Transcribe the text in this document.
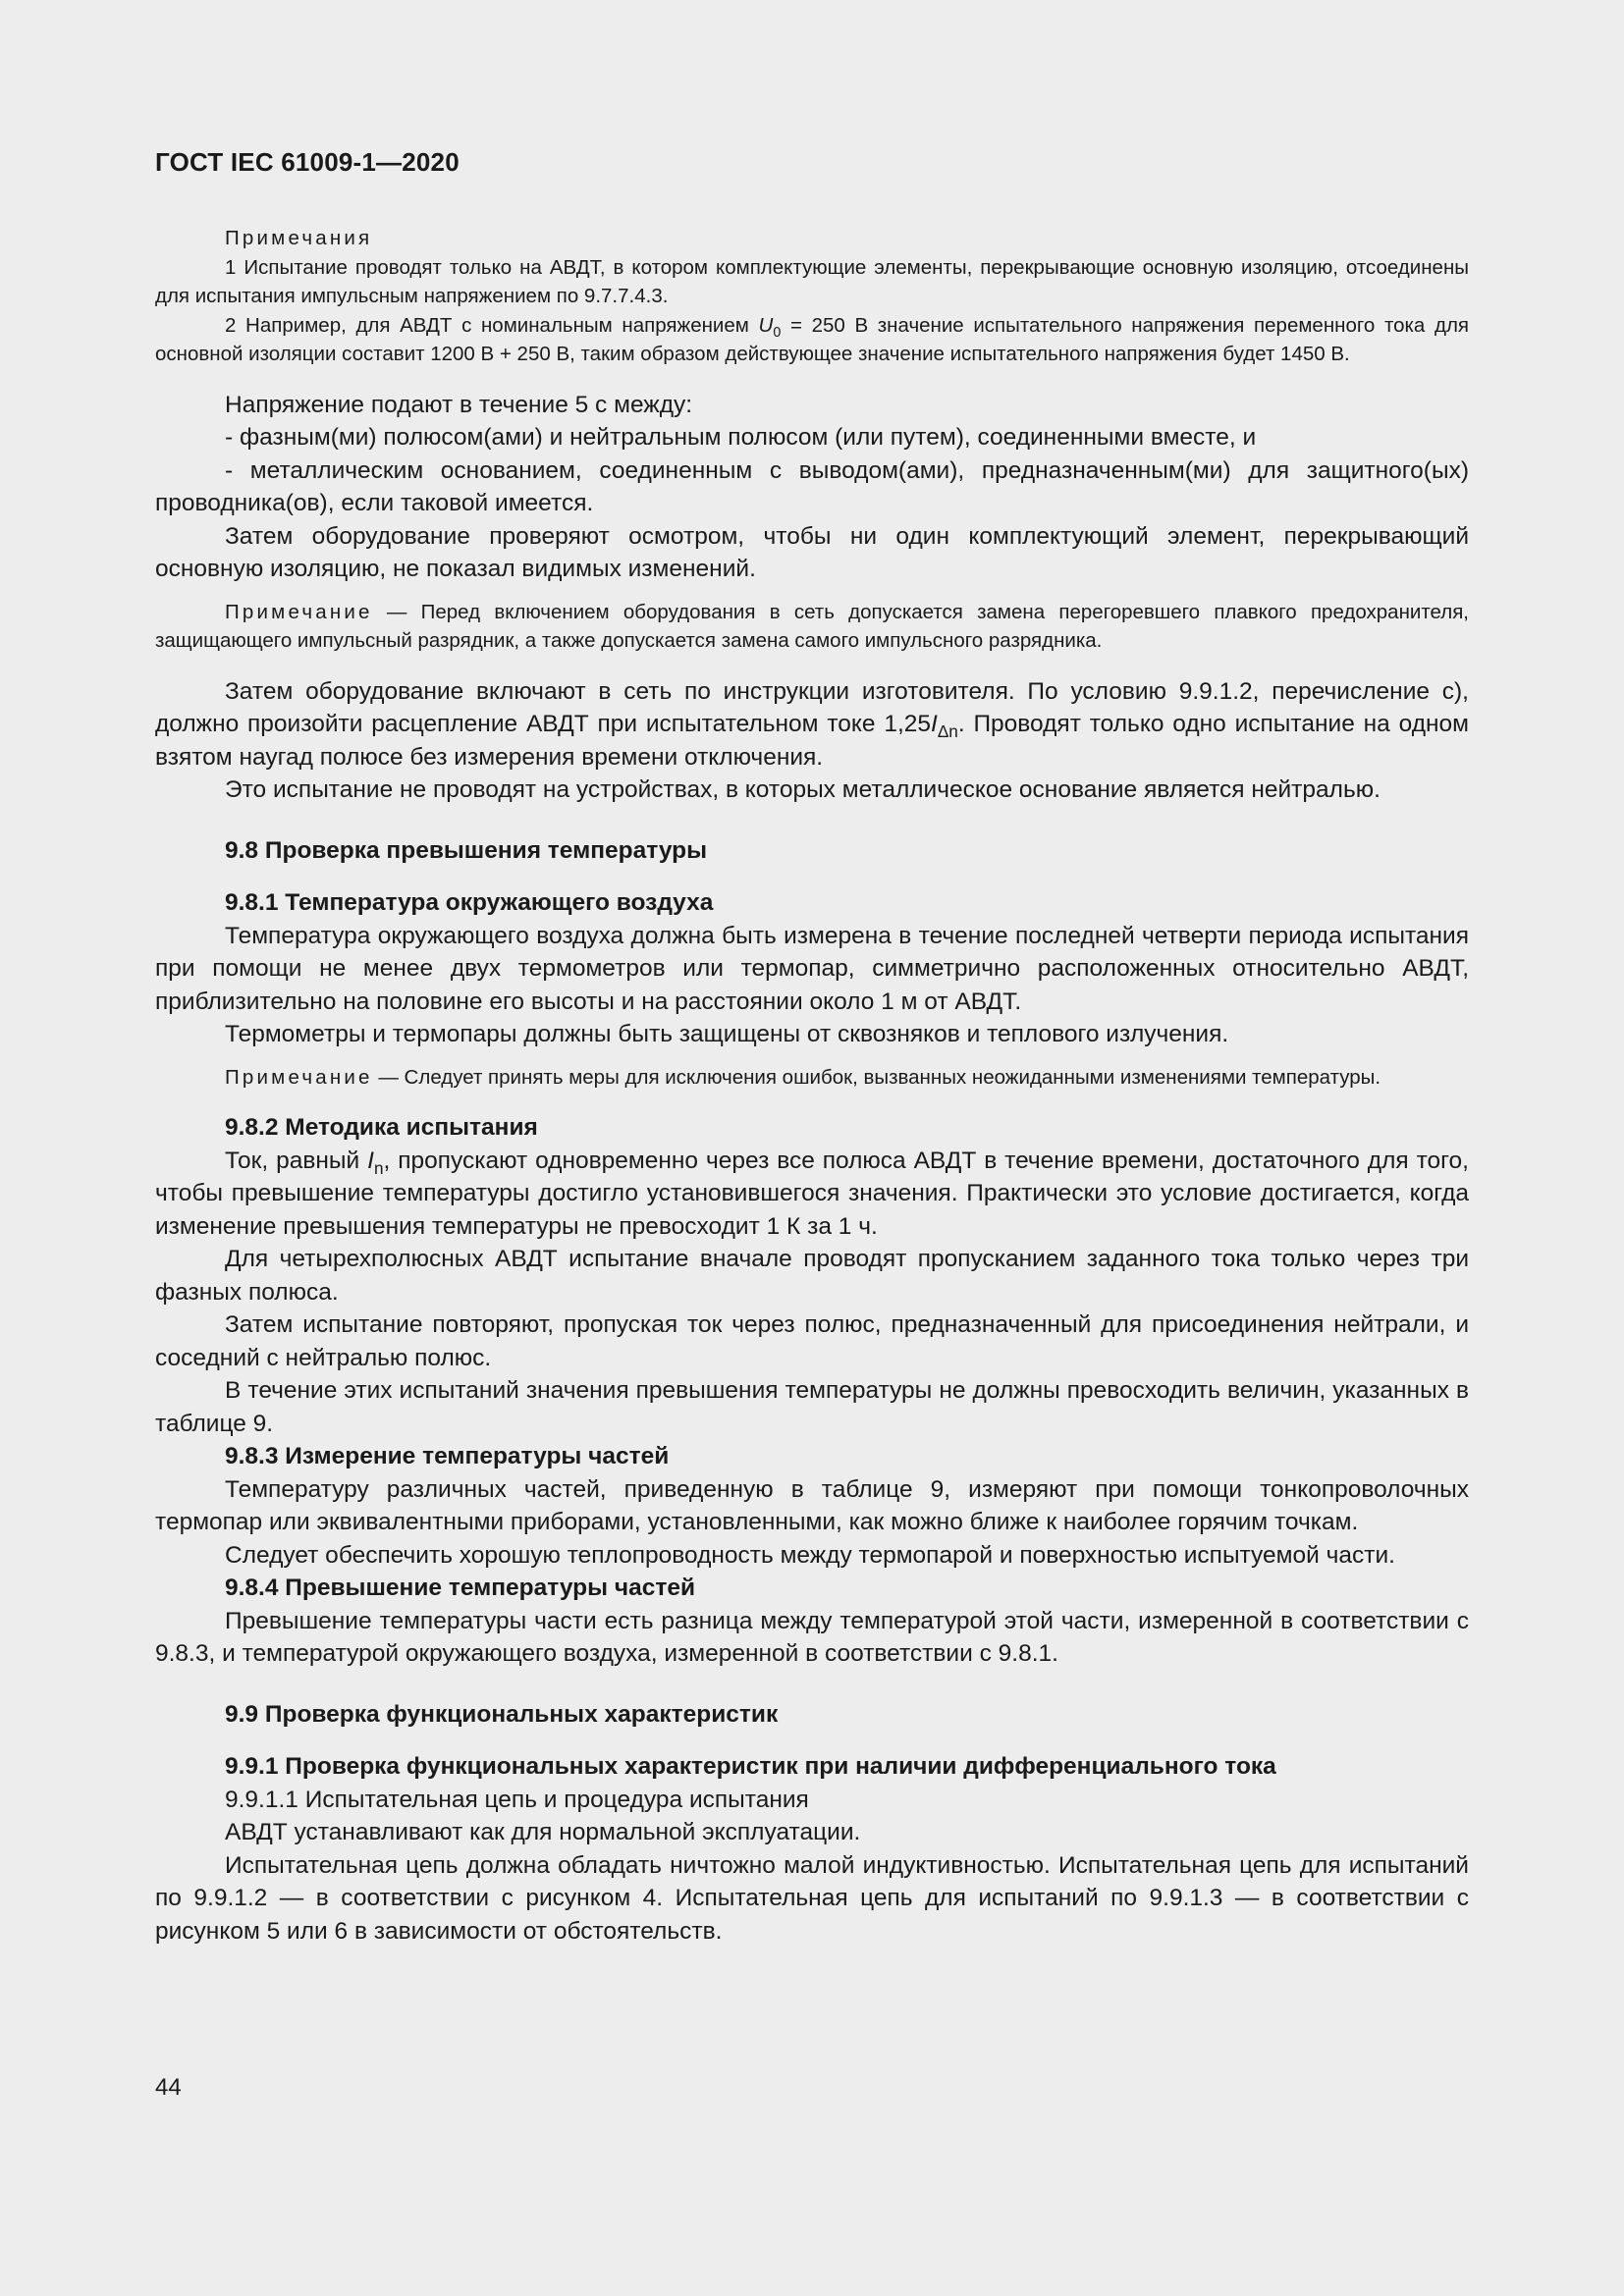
ГОСТ IEC 61009-1—2020

Примечания

1 Испытание проводят только на АВДТ, в котором комплектующие элементы, перекрывающие основную изоляцию, отсоединены для испытания импульсным напряжением по 9.7.7.4.3.

2 Например, для АВДТ с номинальным напряжением $U_0 = 250$ В значение испытательного напряжения переменного тока для основной изоляции составит 1200 В + 250 В, таким образом действующее значение испытательного напряжения будет 1450 В.

Напряжение подают в течение 5 с между:

- фазным(ми) полюсом(ами) и нейтральным полюсом (или путем), соединенными вместе, и

- металлическим основанием, соединенным с выводом(ами), предназначенным(ми) для защитного(ых) проводника(ов), если таковой имеется.

Затем оборудование проверяют осмотром, чтобы ни один комплектующий элемент, перекрывающий основную изоляцию, не показал видимых изменений.

Примечание — Перед включением оборудования в сеть допускается замена перегоревшего плавкого предохранителя, защищающего импульсный разрядник, а также допускается замена самого импульсного разрядника.

Затем оборудование включают в сеть по инструкции изготовителя. По условию 9.9.1.2, перечисление с), должно произойти расцепление АВДТ при испытательном токе $1,25I_{\Delta n}$. Проводят только одно испытание на одном взятом наугад полюсе без измерения времени отключения.

Это испытание не проводят на устройствах, в которых металлическое основание является нейтралью.

9.8 Проверка превышения температуры

9.8.1 Температура окружающего воздуха

Температура окружающего воздуха должна быть измерена в течение последней четверти периода испытания при помощи не менее двух термометров или термопар, симметрично расположенных относительно АВДТ, приблизительно на половине его высоты и на расстоянии около 1 м от АВДТ.

Термометры и термопары должны быть защищены от сквозняков и теплового излучения.

Примечание — Следует принять меры для исключения ошибок, вызванных неожиданными изменениями температуры.

9.8.2 Методика испытания

Ток, равный $I_n$, пропускают одновременно через все полюса АВДТ в течение времени, достаточного для того, чтобы превышение температуры достигло установившегося значения. Практически это условие достигается, когда изменение превышения температуры не превосходит 1 К за 1 ч.

Для четырехполюсных АВДТ испытание вначале проводят пропусканием заданного тока только через три фазных полюса.

Затем испытание повторяют, пропуская ток через полюс, предназначенный для присоединения нейтрали, и соседний с нейтралью полюс.

В течение этих испытаний значения превышения температуры не должны превосходить величин, указанных в таблице 9.

9.8.3 Измерение температуры частей

Температуру различных частей, приведенную в таблице 9, измеряют при помощи тонкопроволочных термопар или эквивалентными приборами, установленными, как можно ближе к наиболее горячим точкам.

Следует обеспечить хорошую теплопроводность между термопарой и поверхностью испытуемой части.

9.8.4 Превышение температуры частей

Превышение температуры части есть разница между температурой этой части, измеренной в соответствии с 9.8.3, и температурой окружающего воздуха, измеренной в соответствии с 9.8.1.

9.9 Проверка функциональных характеристик

9.9.1 Проверка функциональных характеристик при наличии дифференциального тока

9.9.1.1 Испытательная цепь и процедура испытания

АВДТ устанавливают как для нормальной эксплуатации.

Испытательная цепь должна обладать ничтожно малой индуктивностью. Испытательная цепь для испытаний по 9.9.1.2 — в соответствии с рисунком 4. Испытательная цепь для испытаний по 9.9.1.3 — в соответствии с рисунком 5 или 6 в зависимости от обстоятельств.

44
